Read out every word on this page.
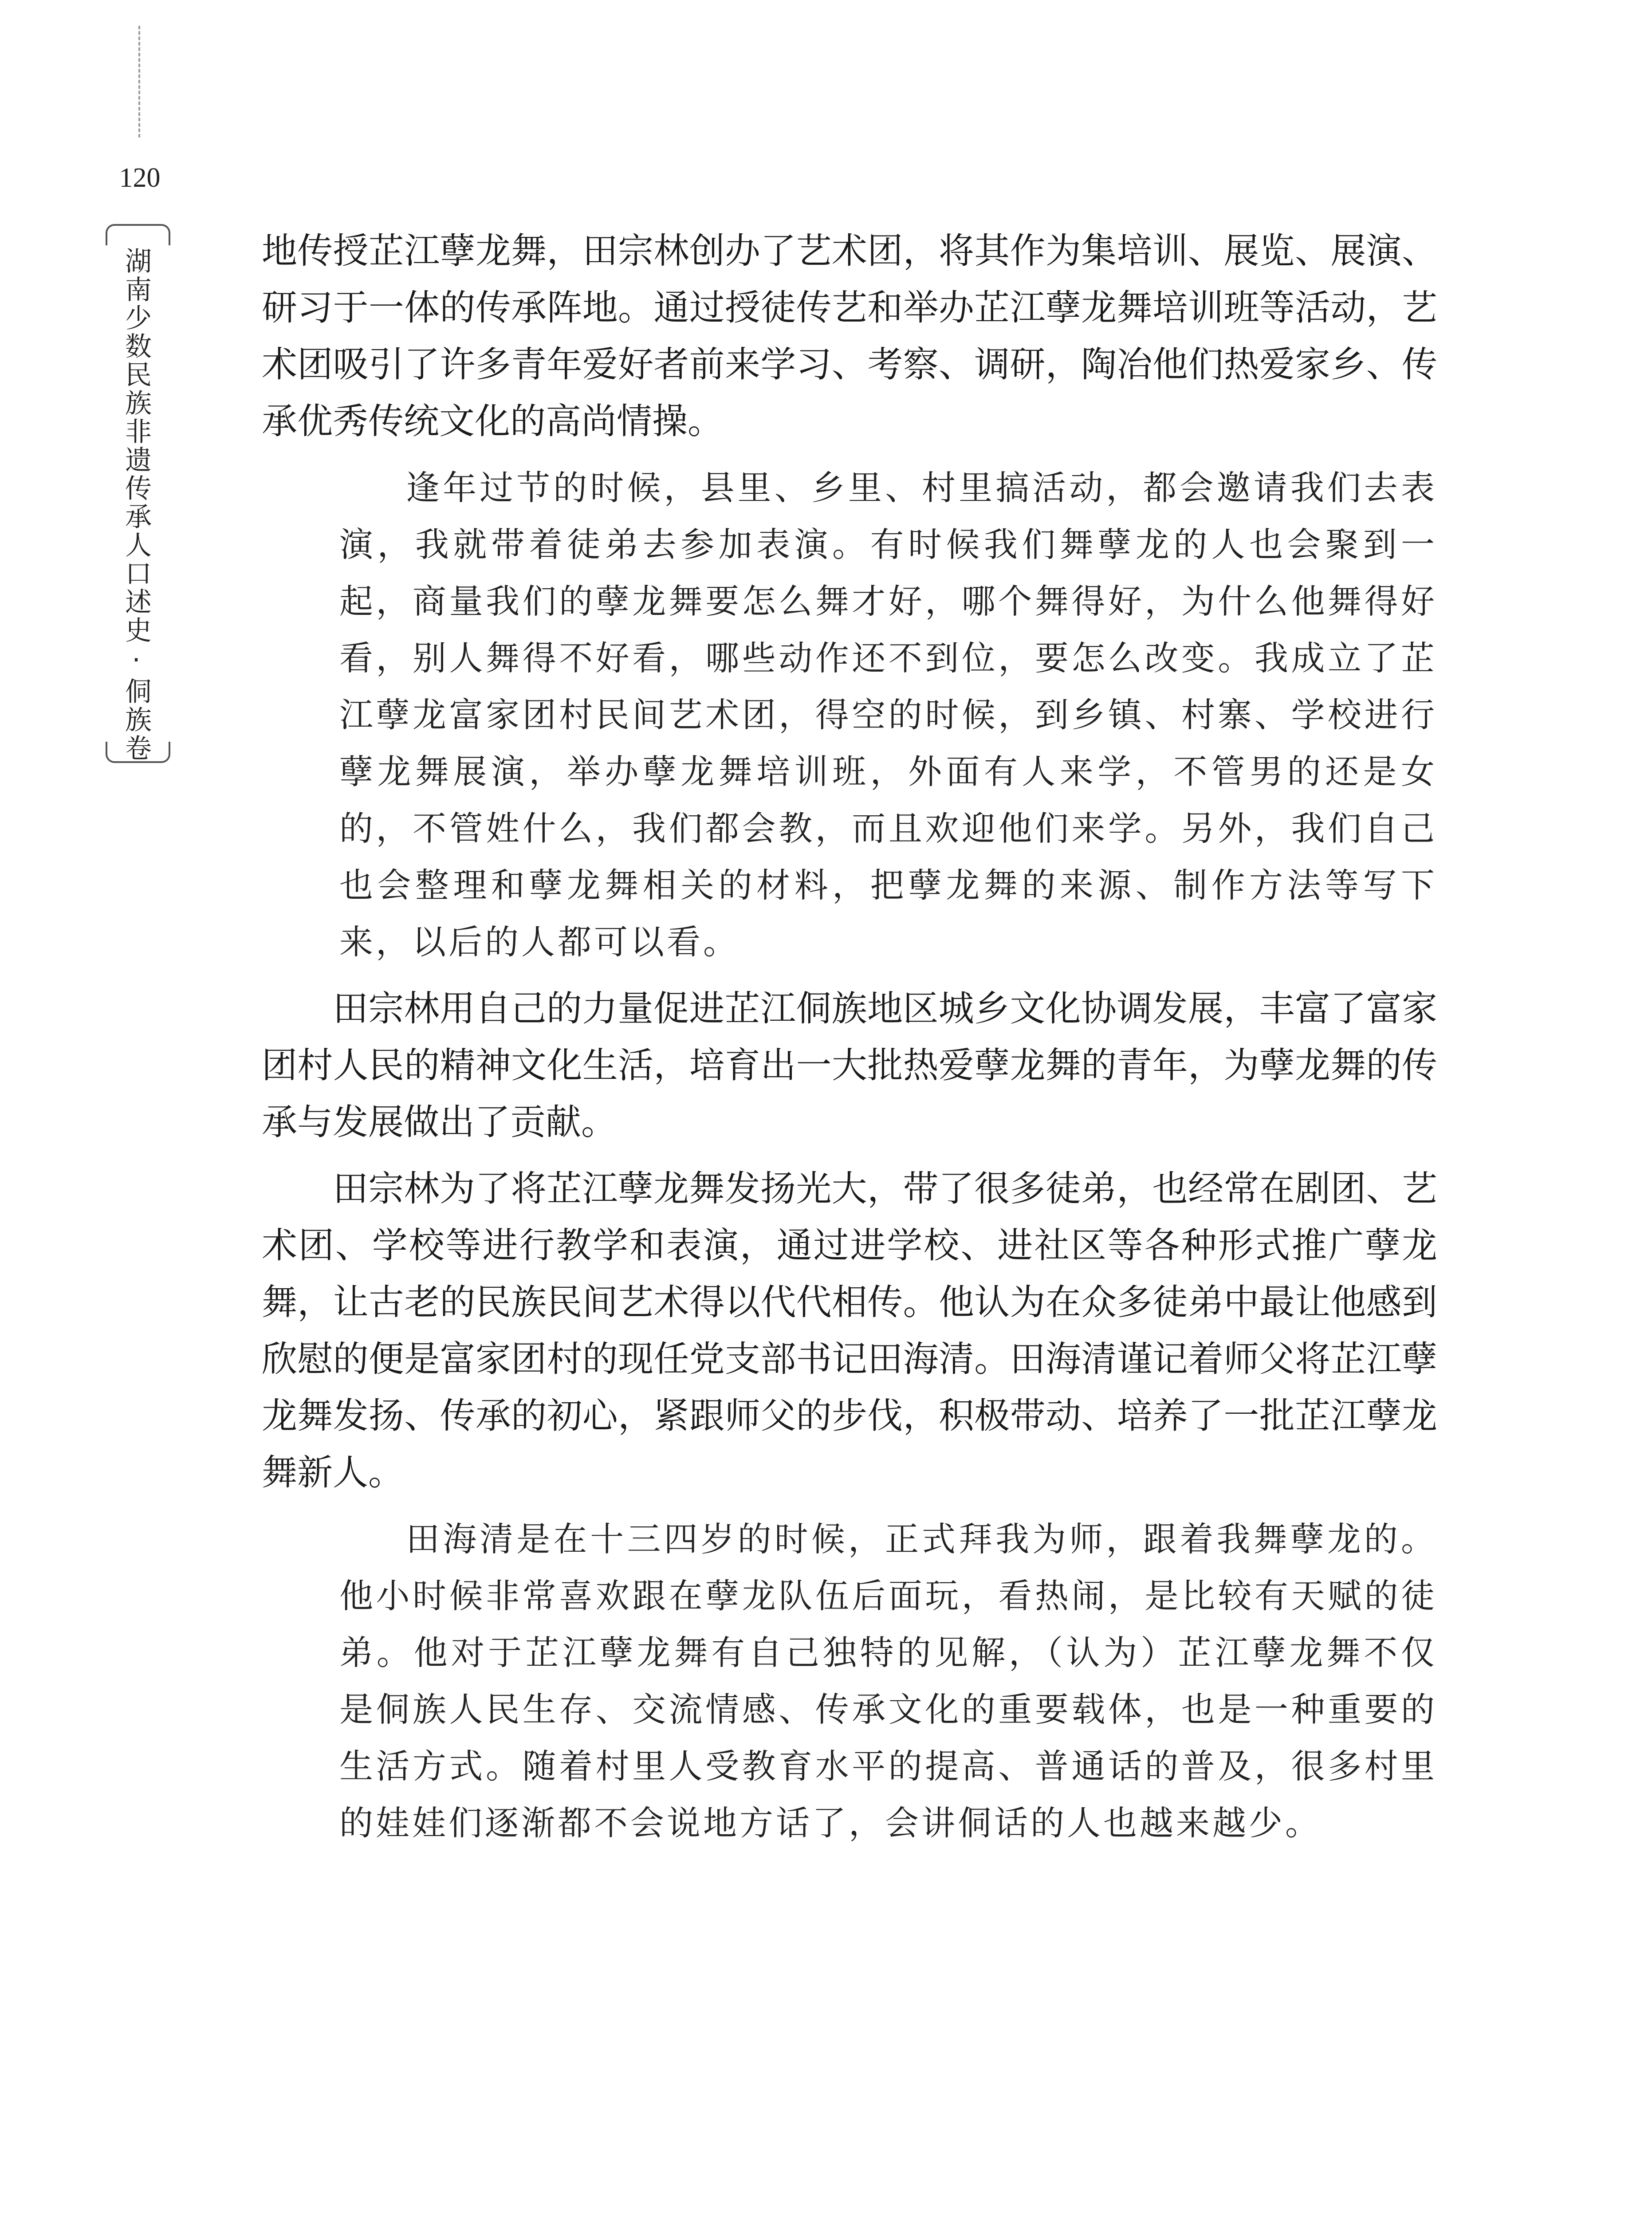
120
湖南少数民族非遗传承人口述史·侗族卷	地传授芷江孽龙舞，田宗林创办了艺术团，将其作为集培训、展览、展演、研习于一体的传承阵地。通过授徒传艺和举办芷江孽龙舞培训班等活动，艺术团吸引了许多青年爱好者前来学习、考察、调研，陶冶他们热爱家乡、传承优秀传统文化的高尚情操。

逢年过节的时候，县里、乡里、村里搞活动，都会邀请我们去表演，我就带着徒弟去参加表演。有时候我们舞孽龙的人也会聚到一起，商量我们的孽龙舞要怎么舞才好，哪个舞得好，为什么他舞得好看，别人舞得不好看，哪些动作还不到位，要怎么改变。我成立了芷江孽龙富家团村民间艺术团，得空的时候，到乡镇、村寨、学校进行孽龙舞展演，举办孽龙舞培训班，外面有人来学，不管男的还是女的，不管姓什么，我们都会教，而且欢迎他们来学。另外，我们自己也会整理和孽龙舞相关的材料，把孽龙舞的来源、制作方法等写下来，以后的人都可以看。

田宗林用自己的力量促进芷江侗族地区城乡文化协调发展，丰富了富家团村人民的精神文化生活，培育出一大批热爱孽龙舞的青年，为孽龙舞的传承与发展做出了贡献。

田宗林为了将芷江孽龙舞发扬光大，带了很多徒弟，也经常在剧团、艺术团、学校等进行教学和表演，通过进学校、进社区等各种形式推广孽龙舞，让古老的民族民间艺术得以代代相传。他认为在众多徒弟中最让他感到欣慰的便是富家团村的现任党支部书记田海清。田海清谨记着师父将芷江孽龙舞发扬、传承的初心，紧跟师父的步伐，积极带动、培养了一批芷江孽龙舞新人。

田海清是在十三四岁的时候，正式拜我为师，跟着我舞孽龙的。他小时候非常喜欢跟在孽龙队伍后面玩，看热闹，是比较有天赋的徒弟。他对于芷江孽龙舞有自己独特的见解，（认为）芷江孽龙舞不仅是侗族人民生存、交流情感、传承文化的重要载体，也是一种重要的生活方式。随着村里人受教育水平的提高、普通话的普及，很多村里的娃娃们逐渐都不会说地方话了，会讲侗话的人也越来越少。
